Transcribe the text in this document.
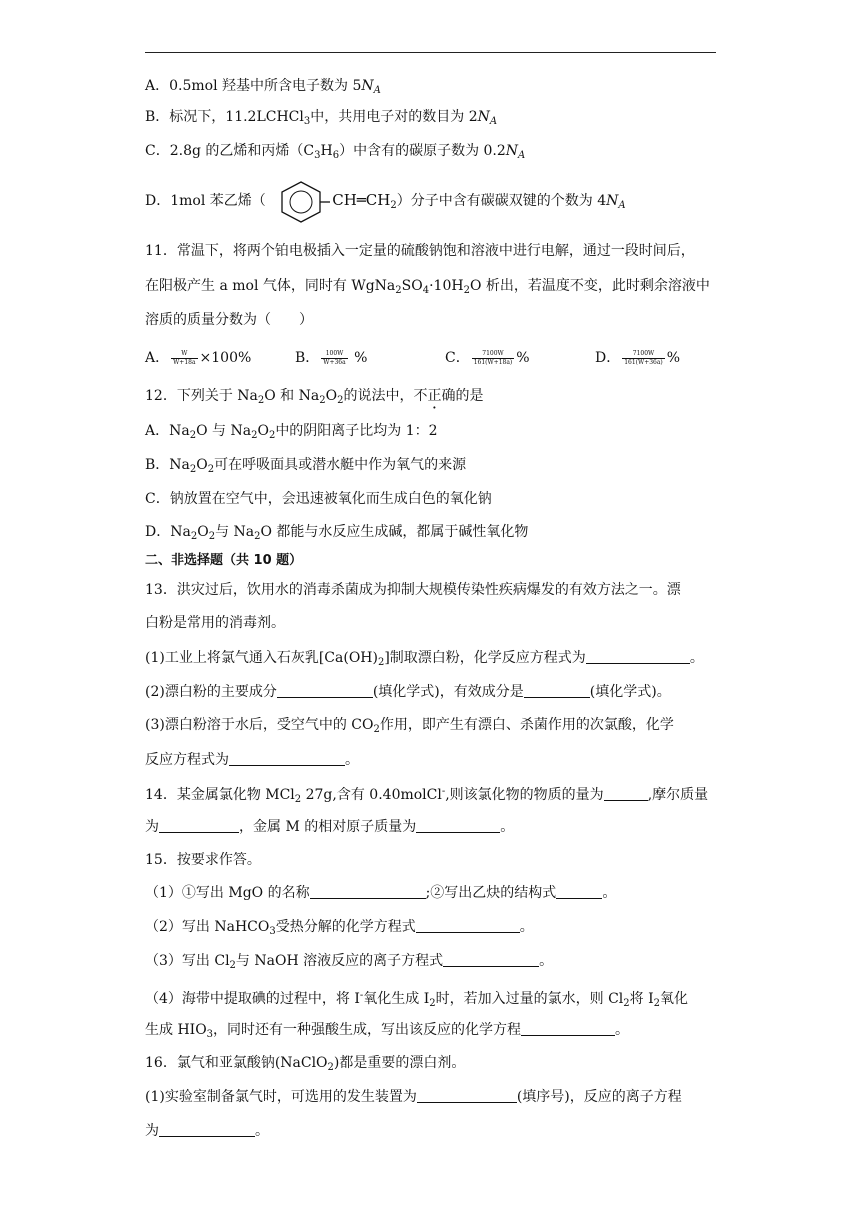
A．0.5mol 羟基中所含电子数为 $5N_A$
B．标况下，11.2LCHCl$_3$中，共用电子对的数目为 $2N_A$
C．2.8g 的乙烯和丙烯$(C_3H_6)$中含有的碳原子数为 $0.2N_A$
D．1mol 苯乙烯（	$CH═CH_2$）分子中含有碳碳双键的个数为 $4N_A$
11．常温下，将两个铂电极插入一定量的硫酸钠饱和溶液中进行电解，通过一段时间后，
在阳极产生 a mol 气体，同时有 $WgNa_2SO_4\cdot 10H_2O$ 析出，若温度不变，此时剩余溶液中
溶质的质量分数为（　　）
A． $\frac{W}{W+18a} \times 100\%$	B． $\frac{100W}{W+36a}$ %	C． $\frac{7100W}{161(W+18a)}$ %	D． $\frac{7100W}{161(W+36a)}$ %
12．下列关于 $Na_2O$ 和 $Na_2O_2$的说法中，不正确的是
A．$Na_2O$ 与 $Na_2O_2$中的阴阳离子比均为 1：2
B．$Na_2O_2$可在呼吸面具或潜水艇中作为氧气的来源
C．钠放置在空气中，会迅速被氧化而生成白色的氧化钠
D．$Na_2O_2$与 $Na_2O$ 都能与水反应生成碱，都属于碱性氧化物
二、非选择题（共 10 题）
13．洪灾过后，饮用水的消毒杀菌成为抑制大规模传染性疾病爆发的有效方法之一。漂
白粉是常用的消毒剂。
(1)工业上将氯气通入石灰乳$[Ca(OH)_2]$制取漂白粉，化学反应方程式为	。
(2)漂白粉的主要成分	(填化学式)，有效成分是	(填化学式)。
(3)漂白粉溶于水后，受空气中的 $CO_2$作用，即产生有漂白、杀菌作用的次氯酸，化学
反应方程式为	。
14．某金属氯化物 MCl$_2$ 27g,含有 0.40molCl-,则该氯化物的物质的量为	,摩尔质量
为	，金属 M 的相对原子质量为	。
15．按要求作答。
（1）①写出 MgO 的名称	;②写出乙炔的结构式	。
（2）写出 NaHCO$_3$受热分解的化学方程式	。
（3）写出 $Cl_2$与 NaOH 溶液反应的离子方程式	。
（4）海带中提取碘的过程中，将 I-氧化生成 $I_2$时，若加入过量的氯水，则 $Cl_2$将 $I_2$氧化
生成 $HIO_3$，同时还有一种强酸生成，写出该反应的化学方程	。
16．氯气和亚氯酸钠(NaClO$_2$)都是重要的漂白剂。
(1)实验室制备氯气时，可选用的发生装置为	(填序号)，反应的离子方程
为	。
